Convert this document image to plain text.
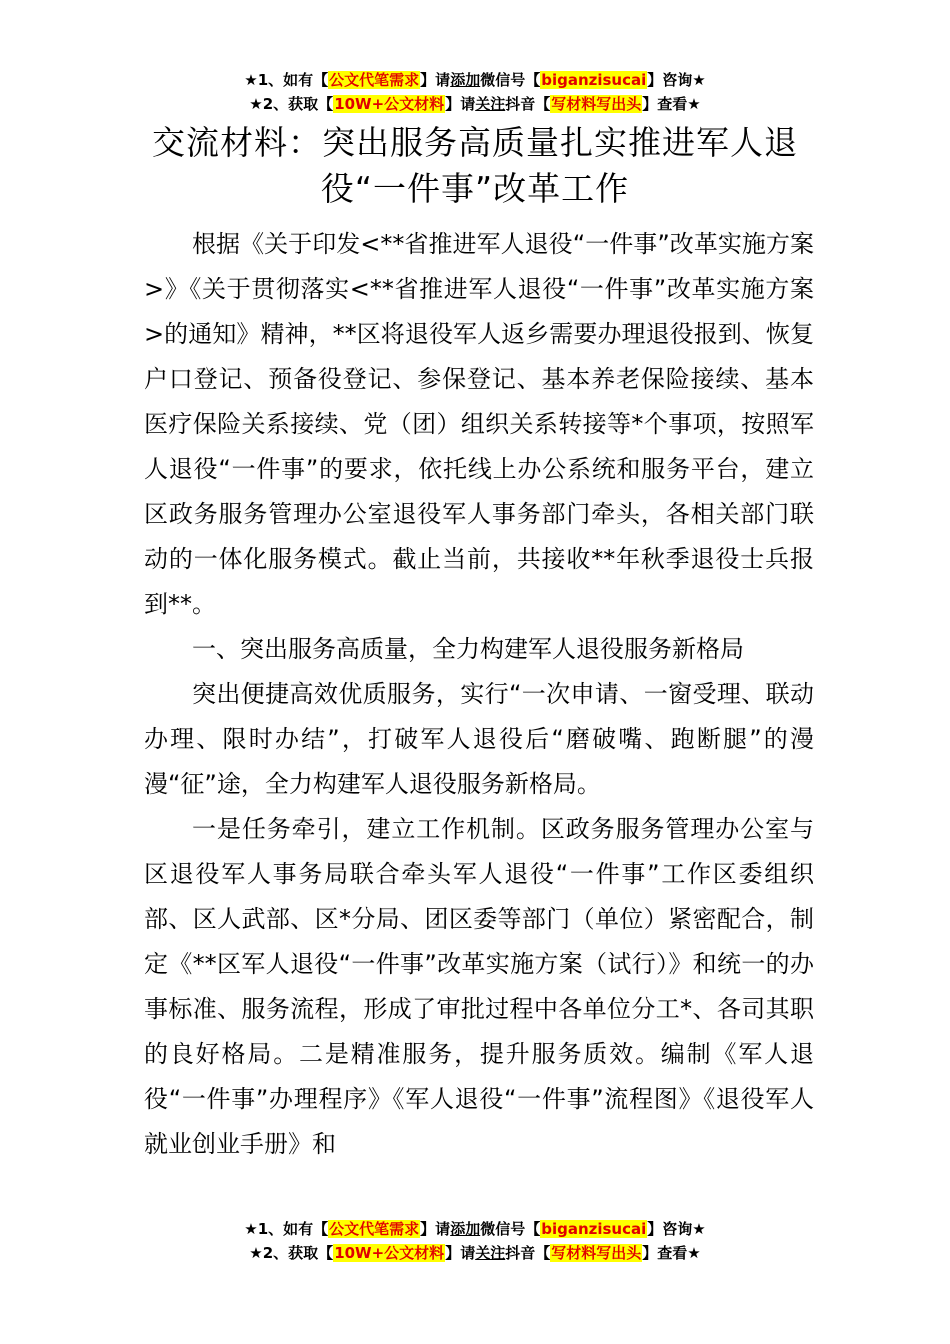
★1、如有【公文代笔需求】请添加微信号【biganzisucai】咨询★
★2、获取【10W+公文材料】请关注抖音【写材料写出头】查看★
交流材料：突出服务高质量扎实推进军人退
役“一件事”改革工作

根据《关于印发<**省推进军人退役“一件事”改革实施方案>》《关于贯彻落实<**省推进军人退役“一件事”改革实施方案>的通知》精神，**区将退役军人返乡需要办理退役报到、恢复户口登记、预备役登记、参保登记、基本养老保险接续、基本医疗保险关系接续、党（团）组织关系转接等*个事项，按照军人退役“一件事”的要求，依托线上办公系统和服务平台，建立区政务服务管理办公室退役军人事务部门牵头，各相关部门联动的一体化服务模式。截止当前，共接收**年秋季退役士兵报到**。

一、突出服务高质量，全力构建军人退役服务新格局

突出便捷高效优质服务，实行“一次申请、一窗受理、联动办理、限时办结”，打破军人退役后“磨破嘴、跑断腿”的漫漫“征”途，全力构建军人退役服务新格局。

一是任务牵引，建立工作机制。区政务服务管理办公室与区退役军人事务局联合牵头军人退役“一件事”工作区委组织部、区人武部、区*分局、团区委等部门（单位）紧密配合，制定《**区军人退役“一件事”改革实施方案（试行）》和统一的办事标准、服务流程，形成了审批过程中各单位分工*、各司其职的良好格局。二是精准服务，提升服务质效。编制《军人退役“一件事”办理程序》《军人退役“一件事”流程图》《退役军人就业创业手册》和

★1、如有【公文代笔需求】请添加微信号【biganzisucai】咨询★
★2、获取【10W+公文材料】请关注抖音【写材料写出头】查看★
